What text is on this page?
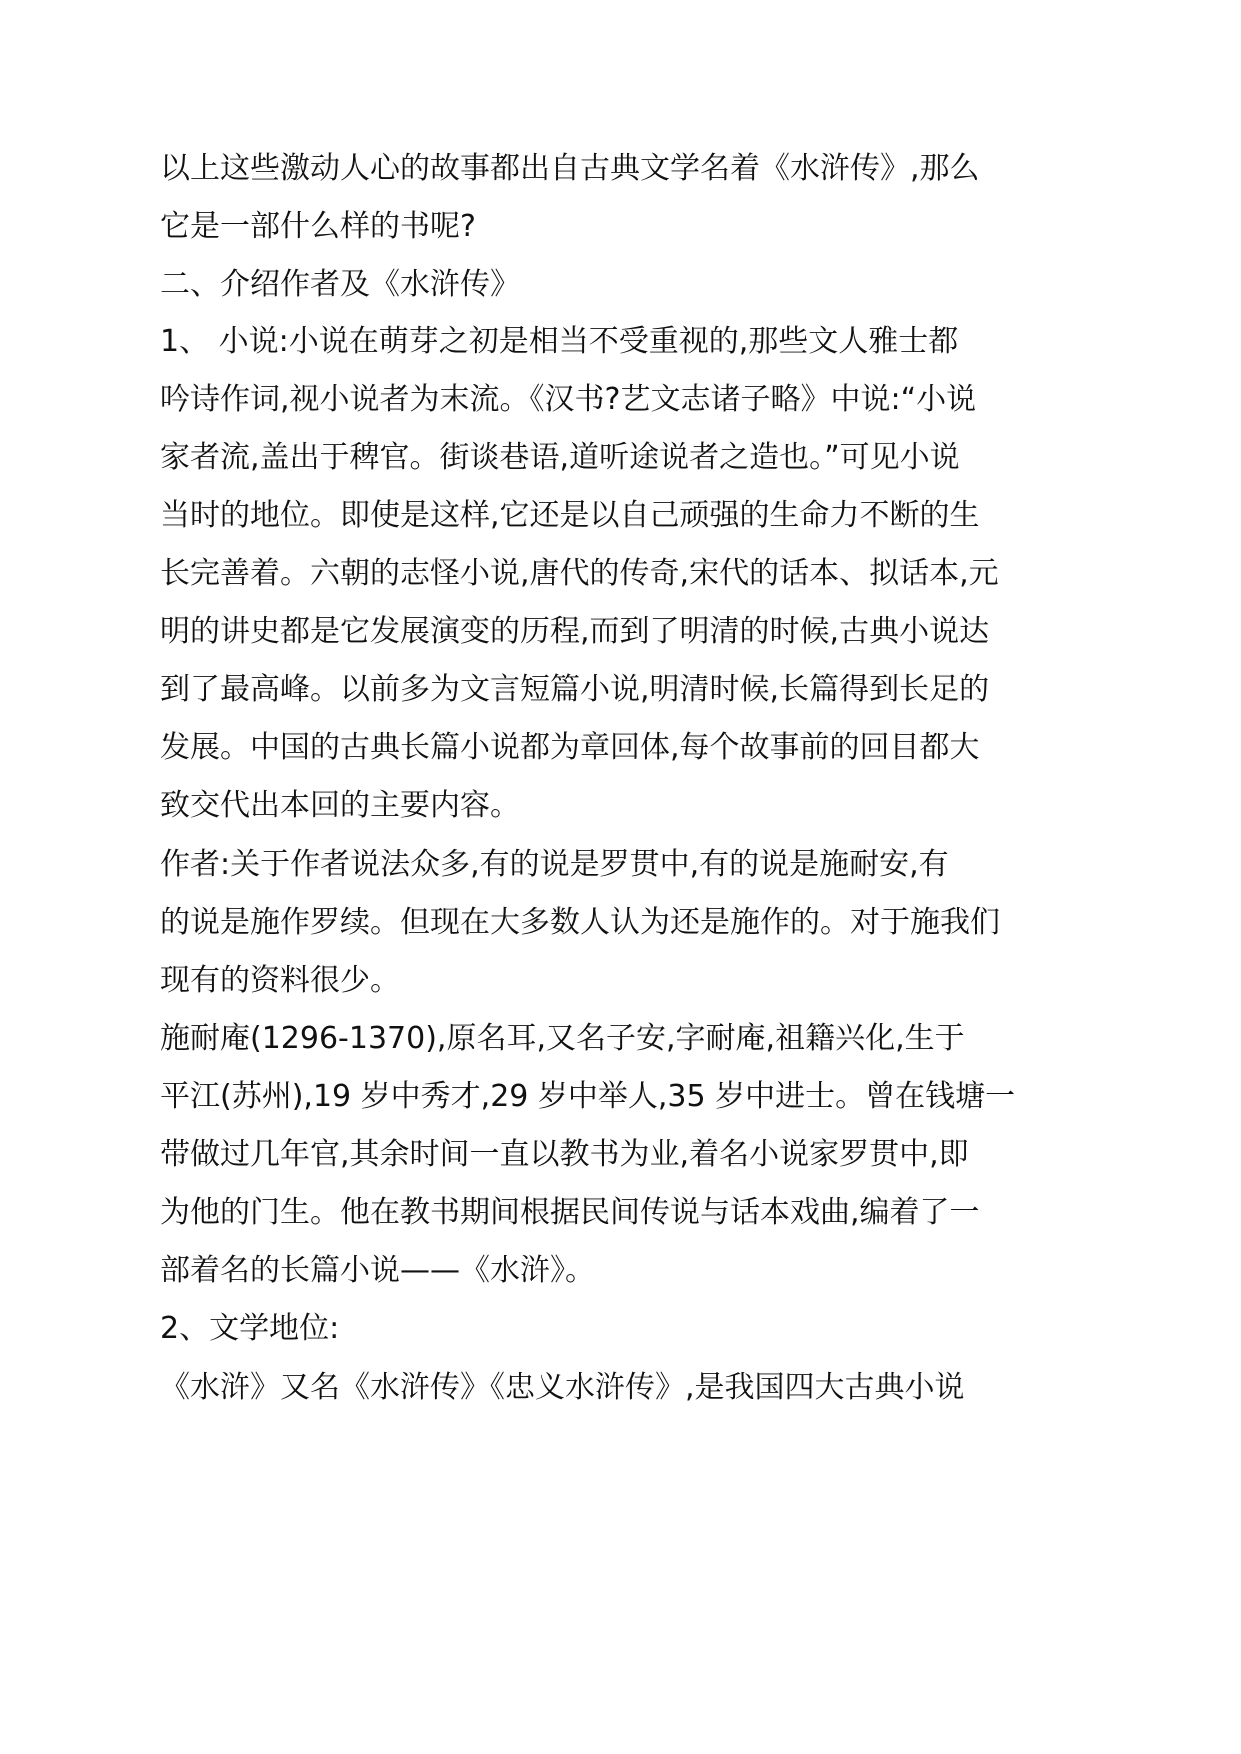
以上这些激动人心的故事都出自古典文学名着《水浒传》,那么
它是一部什么样的书呢?
二、介绍作者及《水浒传》
1、 小说:小说在萌芽之初是相当不受重视的,那些文人雅士都
吟诗作词,视小说者为末流。《汉书?艺文志诸子略》中说:“小说
家者流,盖出于稗官。街谈巷语,道听途说者之造也。”可见小说
当时的地位。即使是这样,它还是以自己顽强的生命力不断的生
长完善着。六朝的志怪小说,唐代的传奇,宋代的话本、拟话本,元
明的讲史都是它发展演变的历程,而到了明清的时候,古典小说达
到了最高峰。以前多为文言短篇小说,明清时候,长篇得到长足的
发展。中国的古典长篇小说都为章回体,每个故事前的回目都大
致交代出本回的主要内容。
作者:关于作者说法众多,有的说是罗贯中,有的说是施耐安,有
的说是施作罗续。但现在大多数人认为还是施作的。对于施我们
现有的资料很少。
施耐庵(1296-1370),原名耳,又名子安,字耐庵,祖籍兴化,生于
平江(苏州),19 岁中秀才,29 岁中举人,35 岁中进士。曾在钱塘一
带做过几年官,其余时间一直以教书为业,着名小说家罗贯中,即
为他的门生。他在教书期间根据民间传说与话本戏曲,编着了一
部着名的长篇小说——《水浒》。
2、文学地位:
《水浒》又名《水浒传》《忠义水浒传》,是我国四大古典小说
